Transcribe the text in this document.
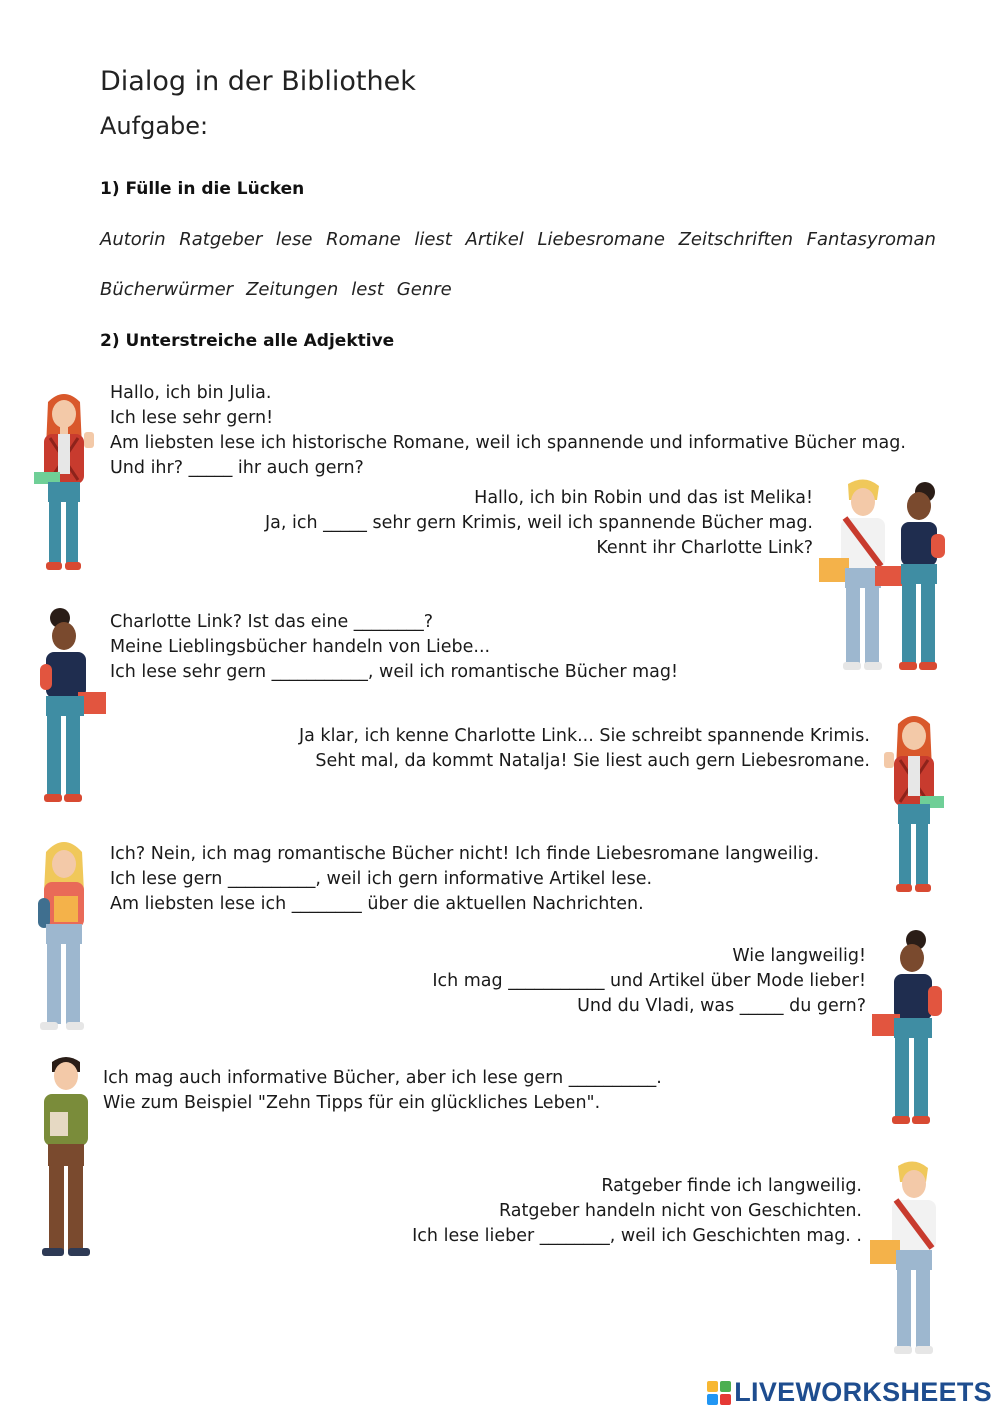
Dialog in der Bibliothek
Aufgabe:
1) Fülle in die Lücken
Autorin Ratgeber lese Romane liest Artikel Liebesromane Zeitschriften Fantasyroman
Bücherwürmer Zeitungen lest Genre
2) Unterstreiche alle Adjektive
Hallo, ich bin Julia.
Ich lese sehr gern!
Am liebsten lese ich historische Romane, weil ich spannende und informative Bücher mag.
Und ihr? _____ ihr auch gern?
Hallo, ich bin Robin und das ist Melika!
Ja, ich _____ sehr gern Krimis, weil ich spannende Bücher mag.
Kennt ihr Charlotte Link?
Charlotte Link? Ist das eine ________?
Meine Lieblingsbücher handeln von Liebe...
Ich lese sehr gern ___________, weil ich romantische Bücher mag!
Ja klar, ich kenne Charlotte Link... Sie schreibt spannende Krimis.
Seht mal, da kommt Natalja! Sie liest auch gern Liebesromane.
Ich? Nein, ich mag romantische Bücher nicht! Ich finde Liebesromane langweilig.
Ich lese gern __________, weil ich gern informative Artikel lese.
Am liebsten lese ich ________ über die aktuellen Nachrichten.
Wie langweilig!
Ich mag ___________ und Artikel über Mode lieber!
Und du Vladi, was _____ du gern?
Ich mag auch informative Bücher, aber ich lese gern __________.
Wie zum Beispiel "Zehn Tipps für ein glückliches Leben".
Ratgeber finde ich langweilig.
Ratgeber handeln nicht von Geschichten.
Ich lese lieber ________, weil ich Geschichten mag. .
LIVEWORKSHEETS
